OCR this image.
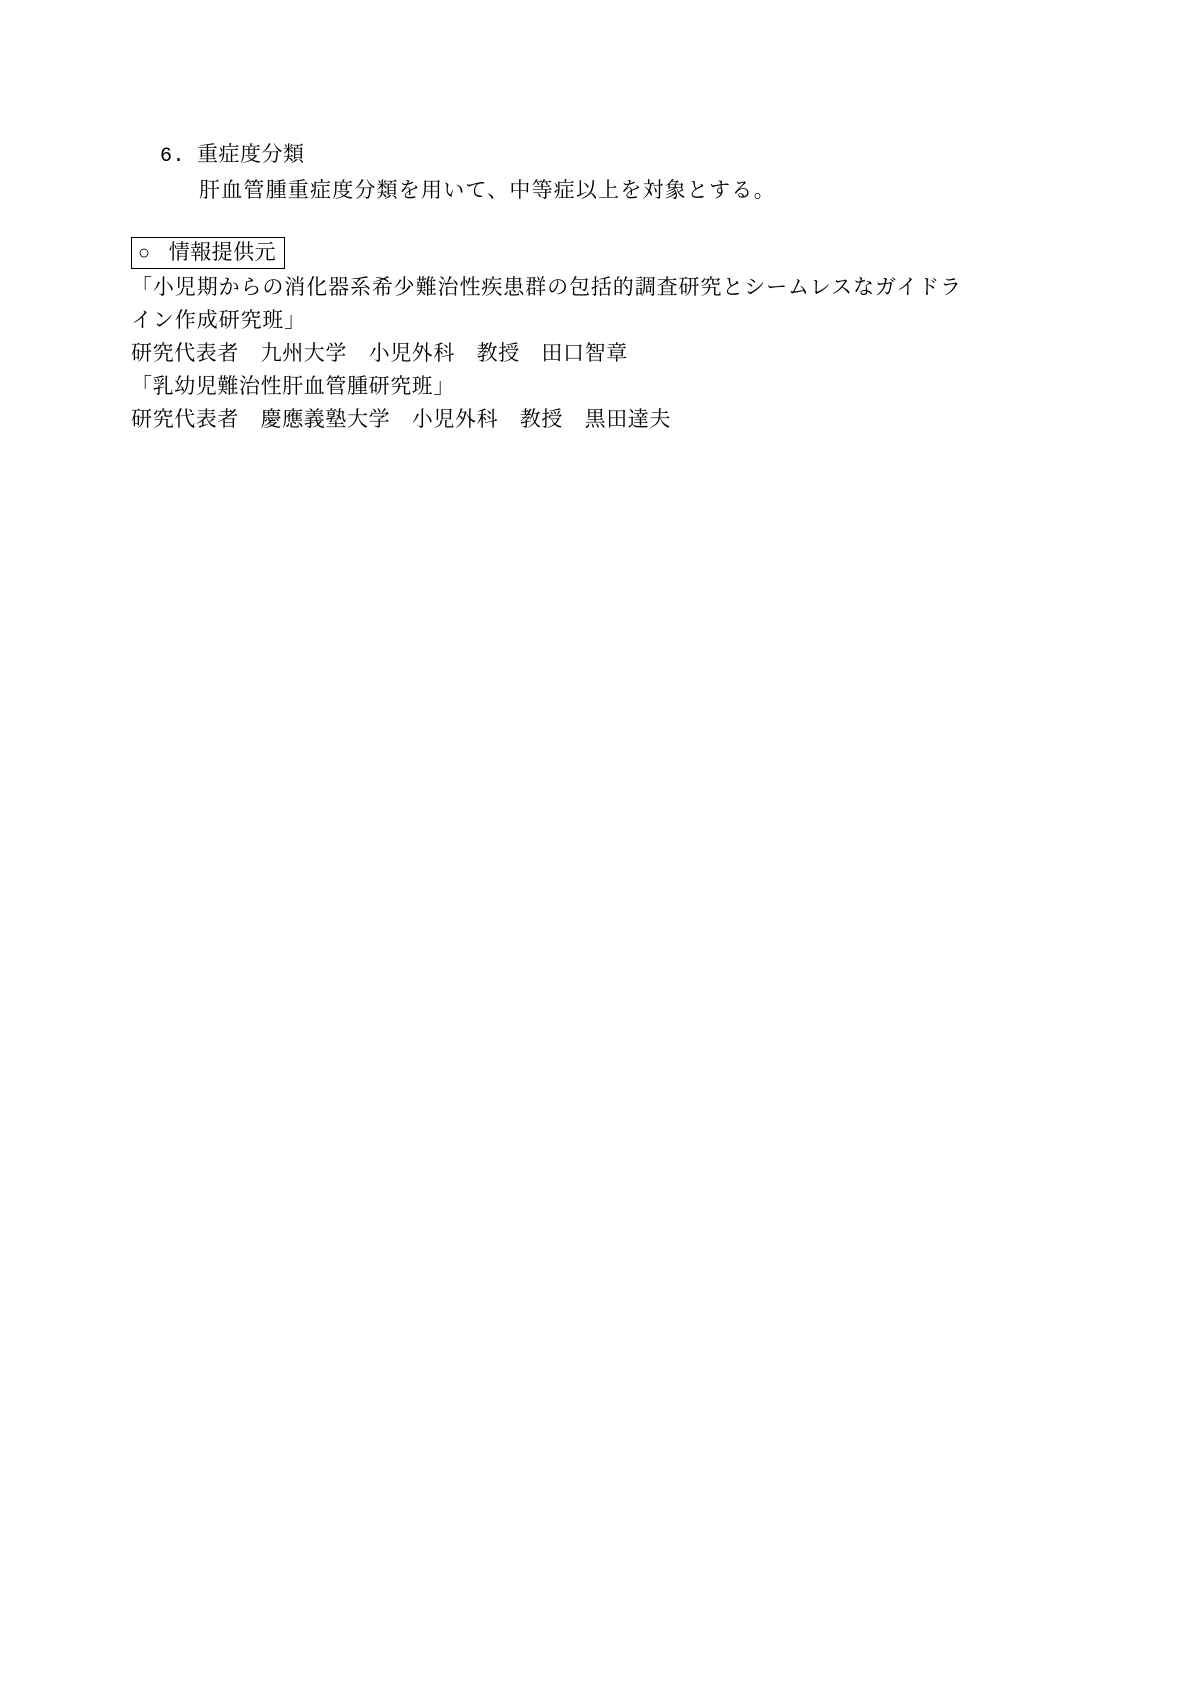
6. 重症度分類
肝血管腫重症度分類を用いて、中等症以上を対象とする。
○ 情報提供元
「小児期からの消化器系希少難治性疾患群の包括的調査研究とシームレスなガイドライン作成研究班」
研究代表者　九州大学　小児外科　教授　田口智章
「乳幼児難治性肝血管腫研究班」
研究代表者　慶應義塾大学　小児外科　教授　黒田達夫
